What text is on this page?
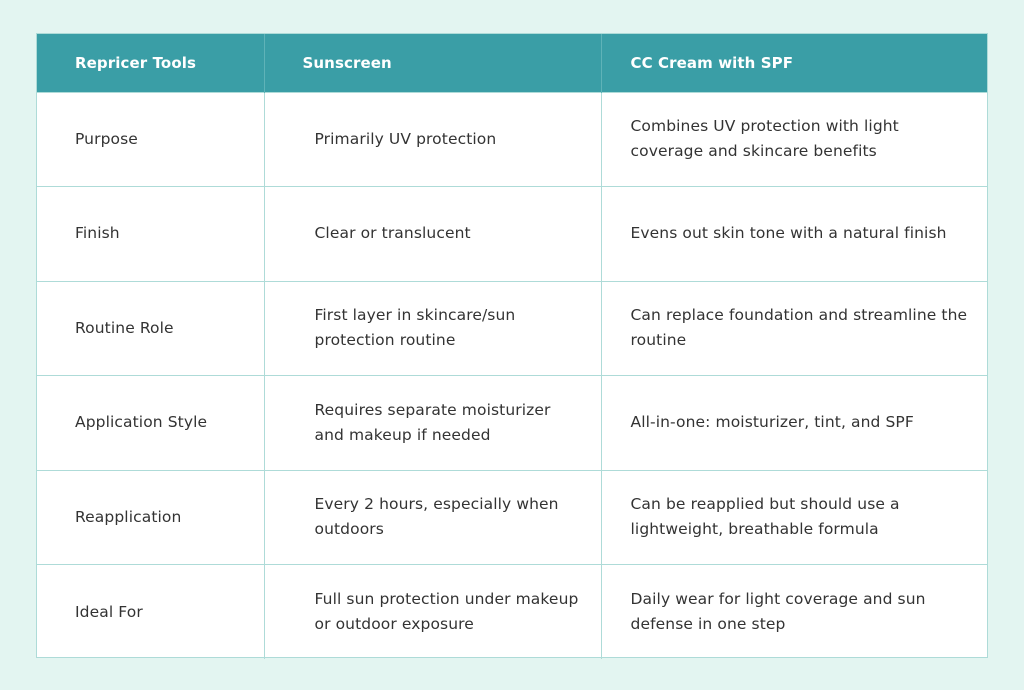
Repricer Tools	Sunscreen	CC Cream with SPF
Purpose	Primarily UV protection	Combines UV protection with light coverage and skincare benefits
Finish	Clear or translucent	Evens out skin tone with a natural finish
Routine Role	First layer in skincare/sun protection routine	Can replace foundation and streamline the routine
Application Style	Requires separate moisturizer and makeup if needed	All-in-one: moisturizer, tint, and SPF
Reapplication	Every 2 hours, especially when outdoors	Can be reapplied but should use a lightweight, breathable formula
Ideal For	Full sun protection under makeup or outdoor exposure	Daily wear for light coverage and sun defense in one step
